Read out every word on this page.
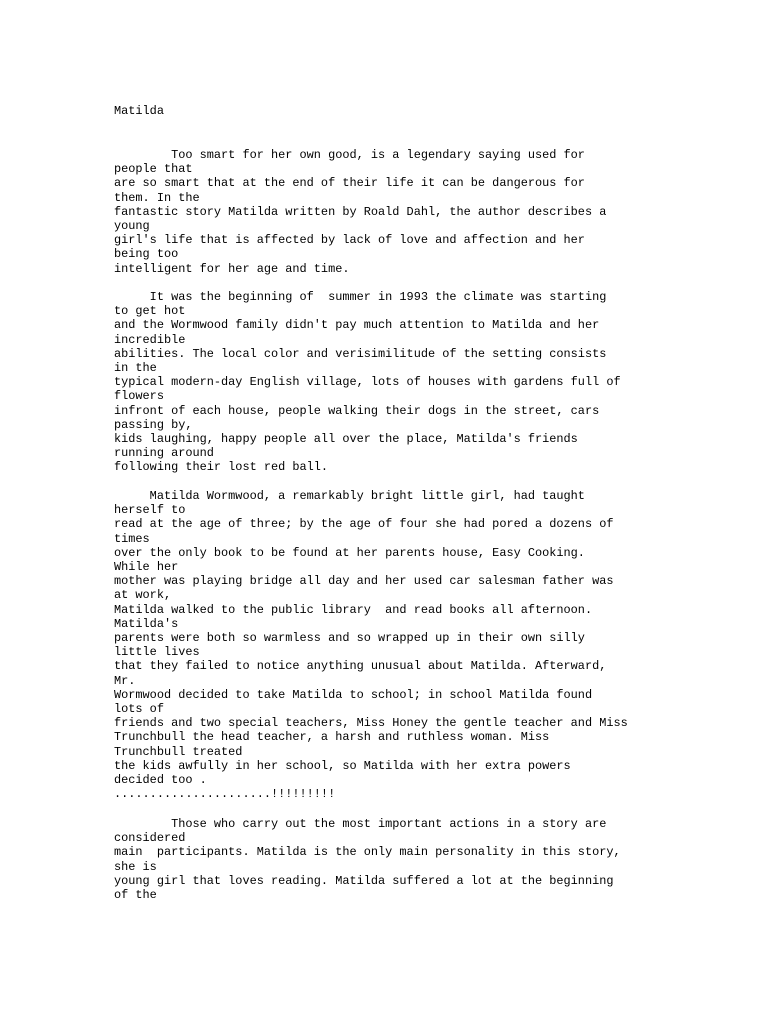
Matilda
Too smart for her own good, is a legendary saying used for
people that
are so smart that at the end of their life it can be dangerous for
them. In the
fantastic story Matilda written by Roald Dahl, the author describes a
young
girl's life that is affected by lack of love and affection and her
being too
intelligent for her age and time.
It was the beginning of  summer in 1993 the climate was starting
to get hot
and the Wormwood family didn't pay much attention to Matilda and her
incredible
abilities. The local color and verisimilitude of the setting consists
in the
typical modern-day English village, lots of houses with gardens full of
flowers
infront of each house, people walking their dogs in the street, cars
passing by,
kids laughing, happy people all over the place, Matilda's friends
running around
following their lost red ball.
Matilda Wormwood, a remarkably bright little girl, had taught
herself to
read at the age of three; by the age of four she had pored a dozens of
times
over the only book to be found at her parents house, Easy Cooking.
While her
mother was playing bridge all day and her used car salesman father was
at work,
Matilda walked to the public library  and read books all afternoon.
Matilda's
parents were both so warmless and so wrapped up in their own silly
little lives
that they failed to notice anything unusual about Matilda. Afterward,
Mr.
Wormwood decided to take Matilda to school; in school Matilda found
lots of
friends and two special teachers, Miss Honey the gentle teacher and Miss
Trunchbull the head teacher, a harsh and ruthless woman. Miss
Trunchbull treated
the kids awfully in her school, so Matilda with her extra powers
decided too .
......................!!!!!!!!!
Those who carry out the most important actions in a story are
considered
main  participants. Matilda is the only main personality in this story,
she is
young girl that loves reading. Matilda suffered a lot at the beginning
of the
